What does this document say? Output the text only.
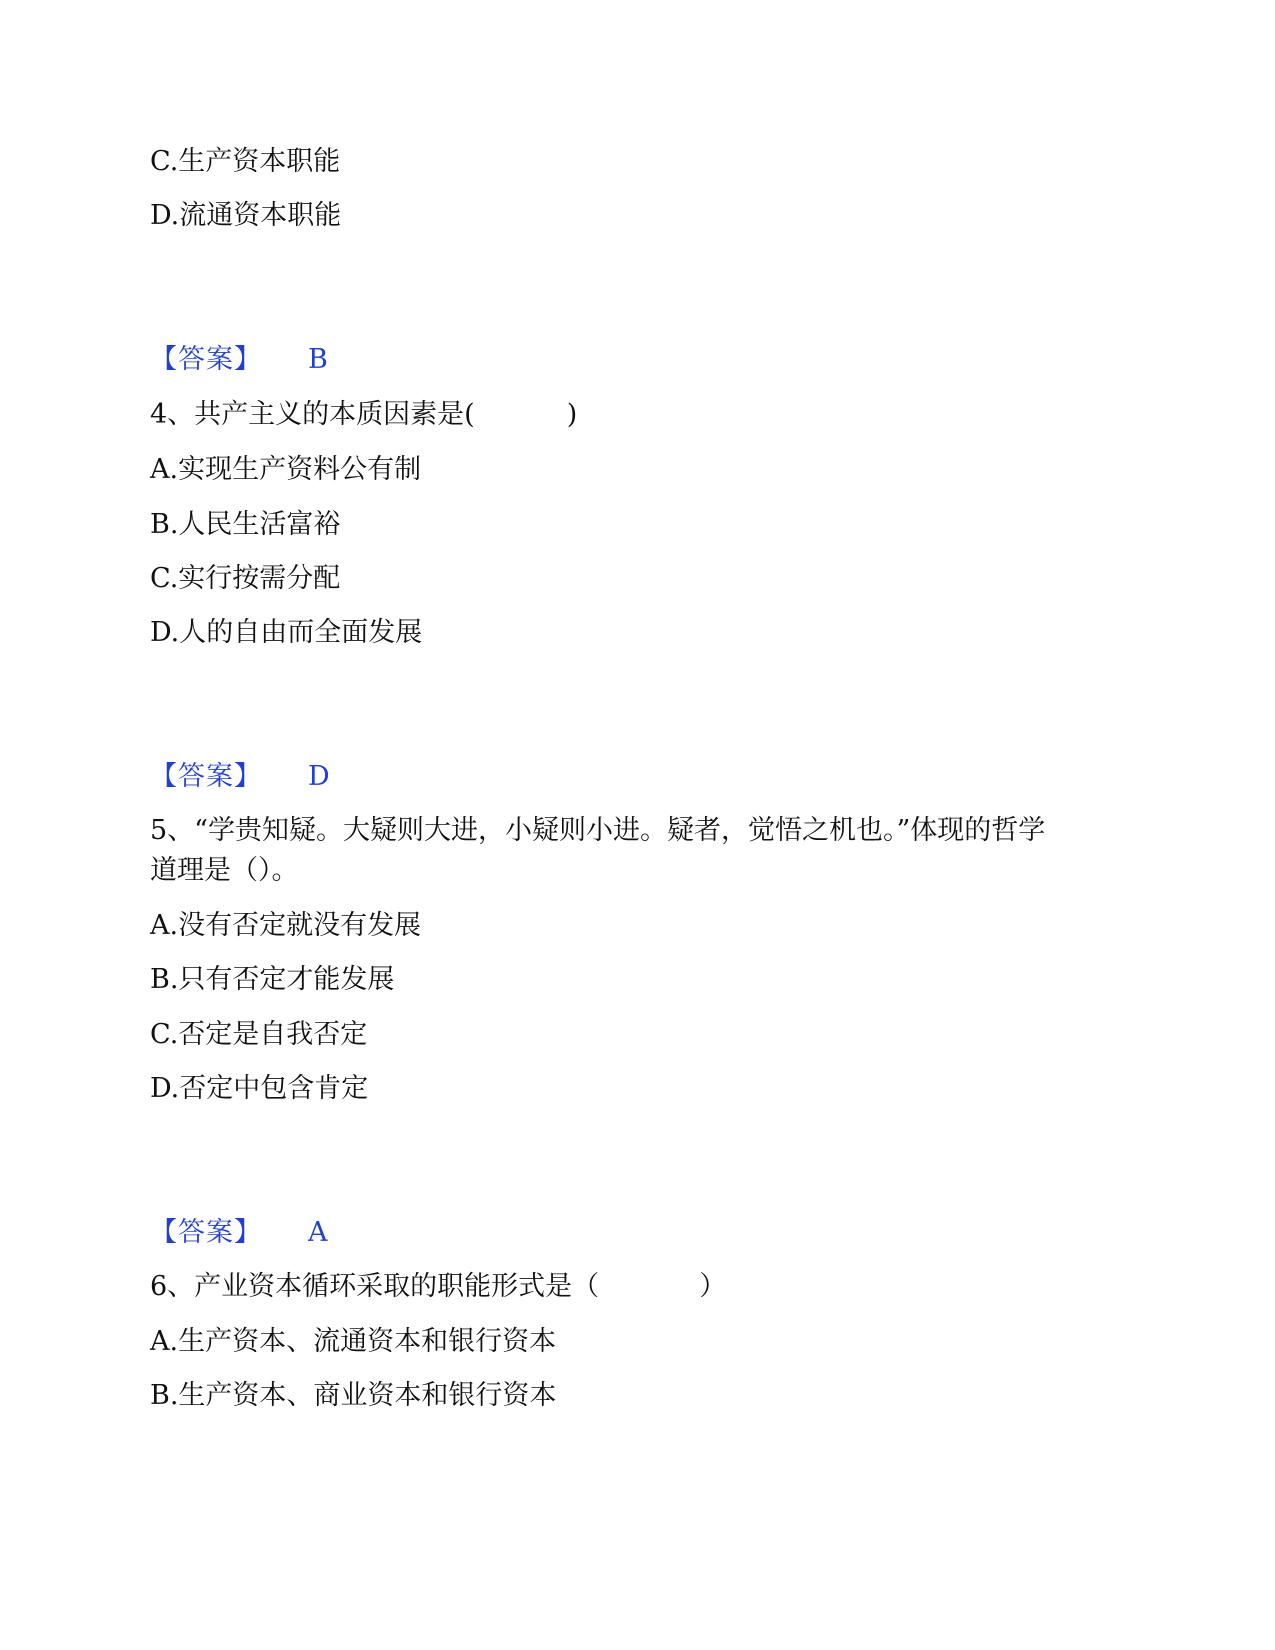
C.生产资本职能
D.流通资本职能
【答案】 B
4、共产主义的本质因素是(	)
A.实现生产资料公有制
B.人民生活富裕
C.实行按需分配
D.人的自由而全面发展
【答案】 D
5、“学贵知疑。大疑则大进，小疑则小进。疑者，觉悟之机也。”体现的哲学
道理是（）。
A.没有否定就没有发展
B.只有否定才能发展
C.否定是自我否定
D.否定中包含肯定
【答案】 A
6、产业资本循环采取的职能形式是（	）
A.生产资本、流通资本和银行资本
B.生产资本、商业资本和银行资本
